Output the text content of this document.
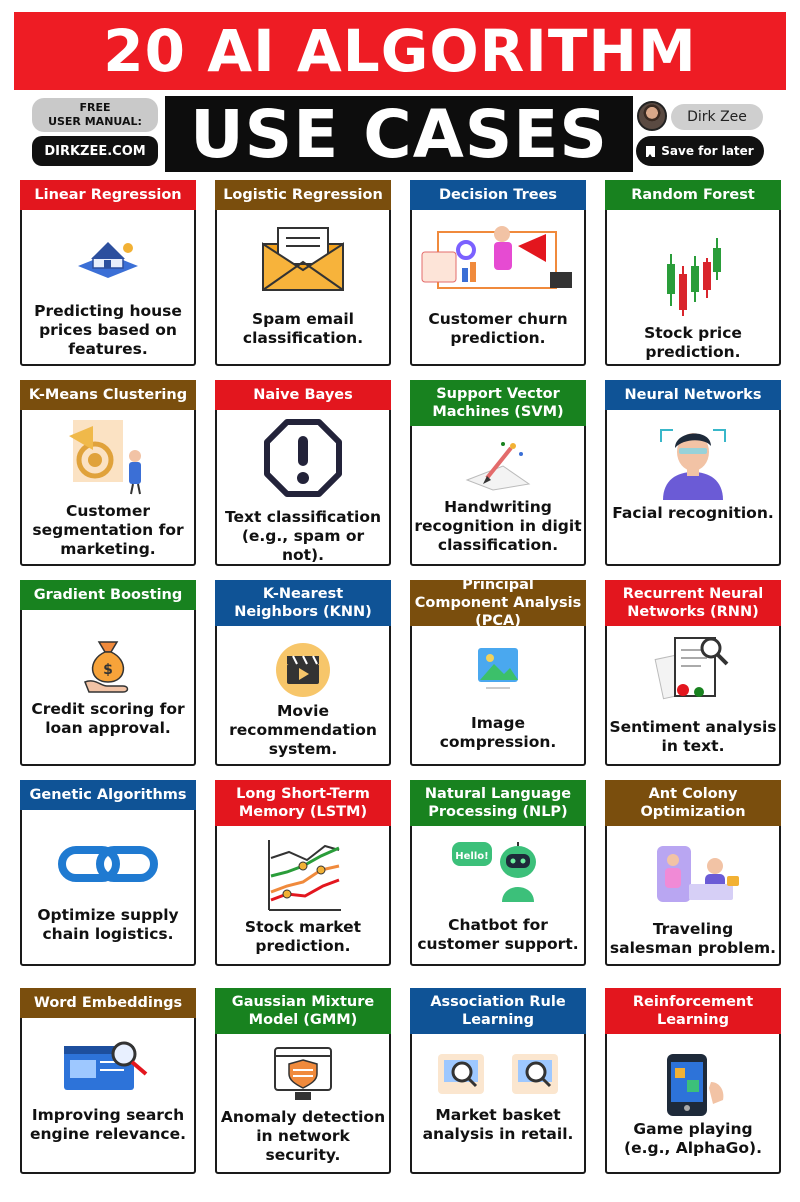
20 AI ALGORITHM
FREE
USER MANUAL:
DIRKZEE.COM USE CASES	Dirk Zee
Save for later
Linear Regression
Predicting house prices based on features.
Logistic Regression
Spam email classification.
Decision Trees
Customer churn prediction.
Random Forest
Stock price prediction.
K-Means Clustering
Customer segmentation for marketing.
Naive Bayes
Text classification (e.g., spam or not).
Support Vector Machines (SVM)
Handwriting recognition in digit classification.
Neural Networks
Facial recognition.
Gradient Boosting
$
Credit scoring for loan approval.
K-Nearest Neighbors (KNN)
Movie recommendation system.
Principal Component Analysis (PCA)
Image compression.
Recurrent Neural Networks (RNN)
Sentiment analysis in text.
Genetic Algorithms
Optimize supply chain logistics.
Long Short-Term Memory (LSTM)
Stock market prediction.
Natural Language Processing (NLP)
Hello!
Chatbot for customer support.
Ant Colony Optimization
Traveling salesman problem.
Word Embeddings
Improving search engine relevance.
Gaussian Mixture Model (GMM)
Anomaly detection in network security.
Association Rule Learning
Market basket analysis in retail.
Reinforcement Learning
Game playing (e.g., AlphaGo).
